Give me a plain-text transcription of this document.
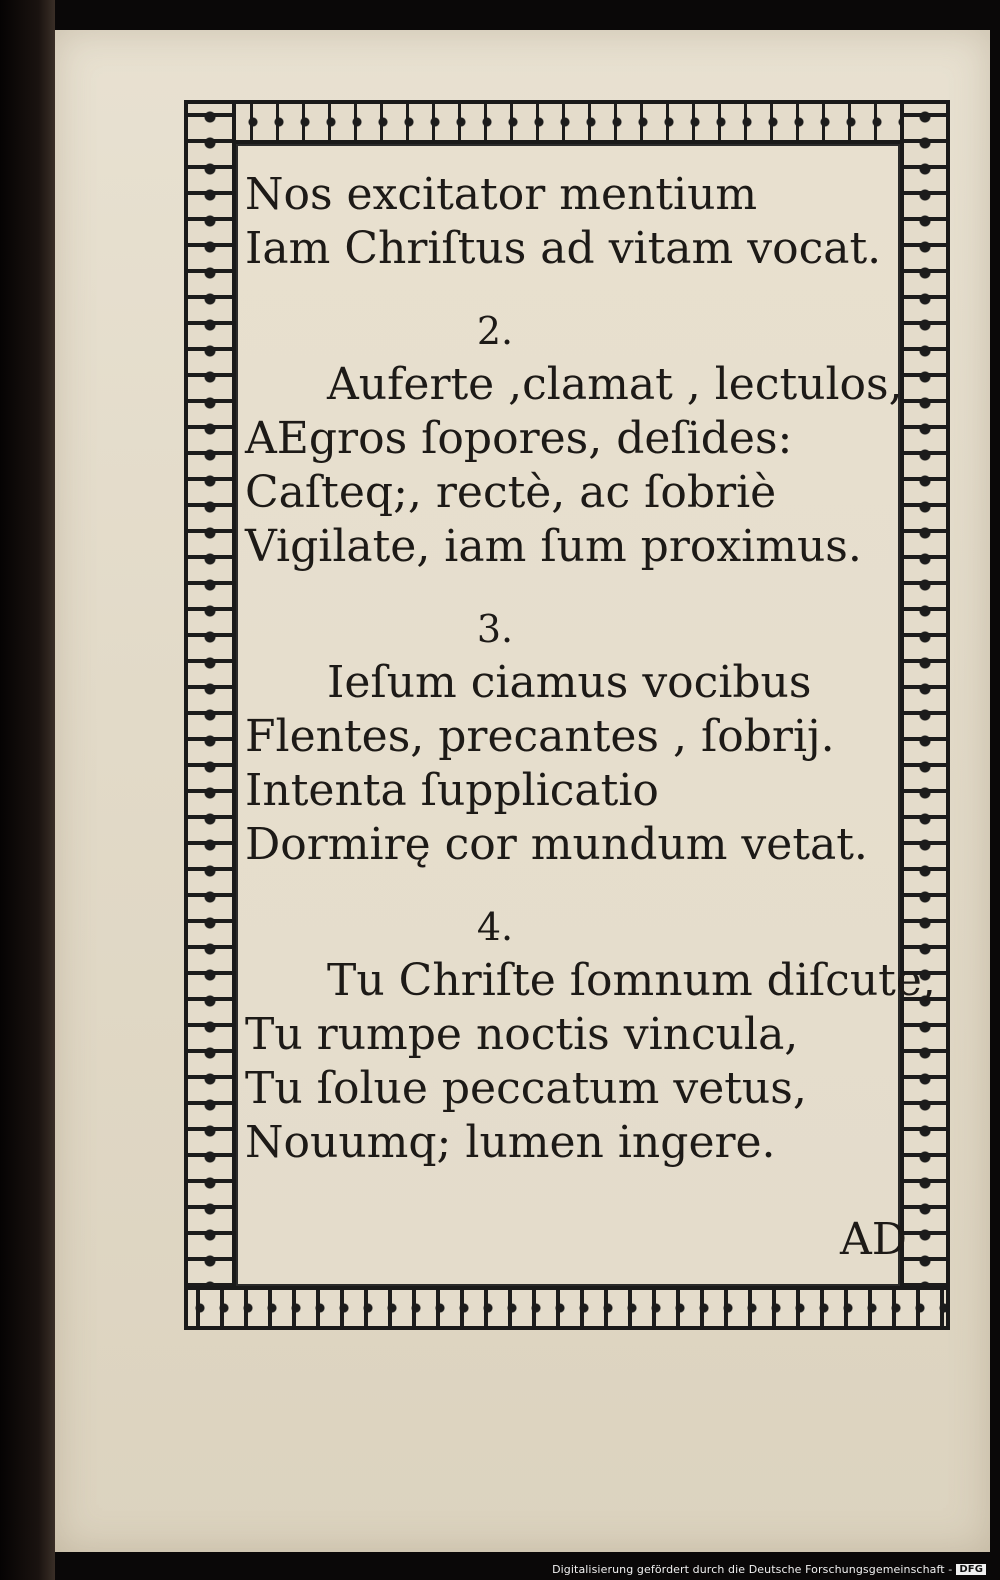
Nos excitator mentium
Iam Chriſtus ad vitam vocat.
2.
Auferte ,clamat , lectulos,
AEgros ſopores, deſides:
Caſteq;, rectè, ac ſobriè
Vigilate, iam ſum proximus.
3.
Ieſum ciamus vocibus
Flentes, precantes , ſobrij.
Intenta ſupplicatio
Dormirę cor mundum vetat.
4.
Tu Chriſte ſomnum diſcute,
Tu rumpe noctis vincula,
Tu ſolue peccatum vetus,
Nouumq; lumen ingere.
AD
Digitalisierung gefördert durch die Deutsche Forschungsgemeinschaft - DFG
